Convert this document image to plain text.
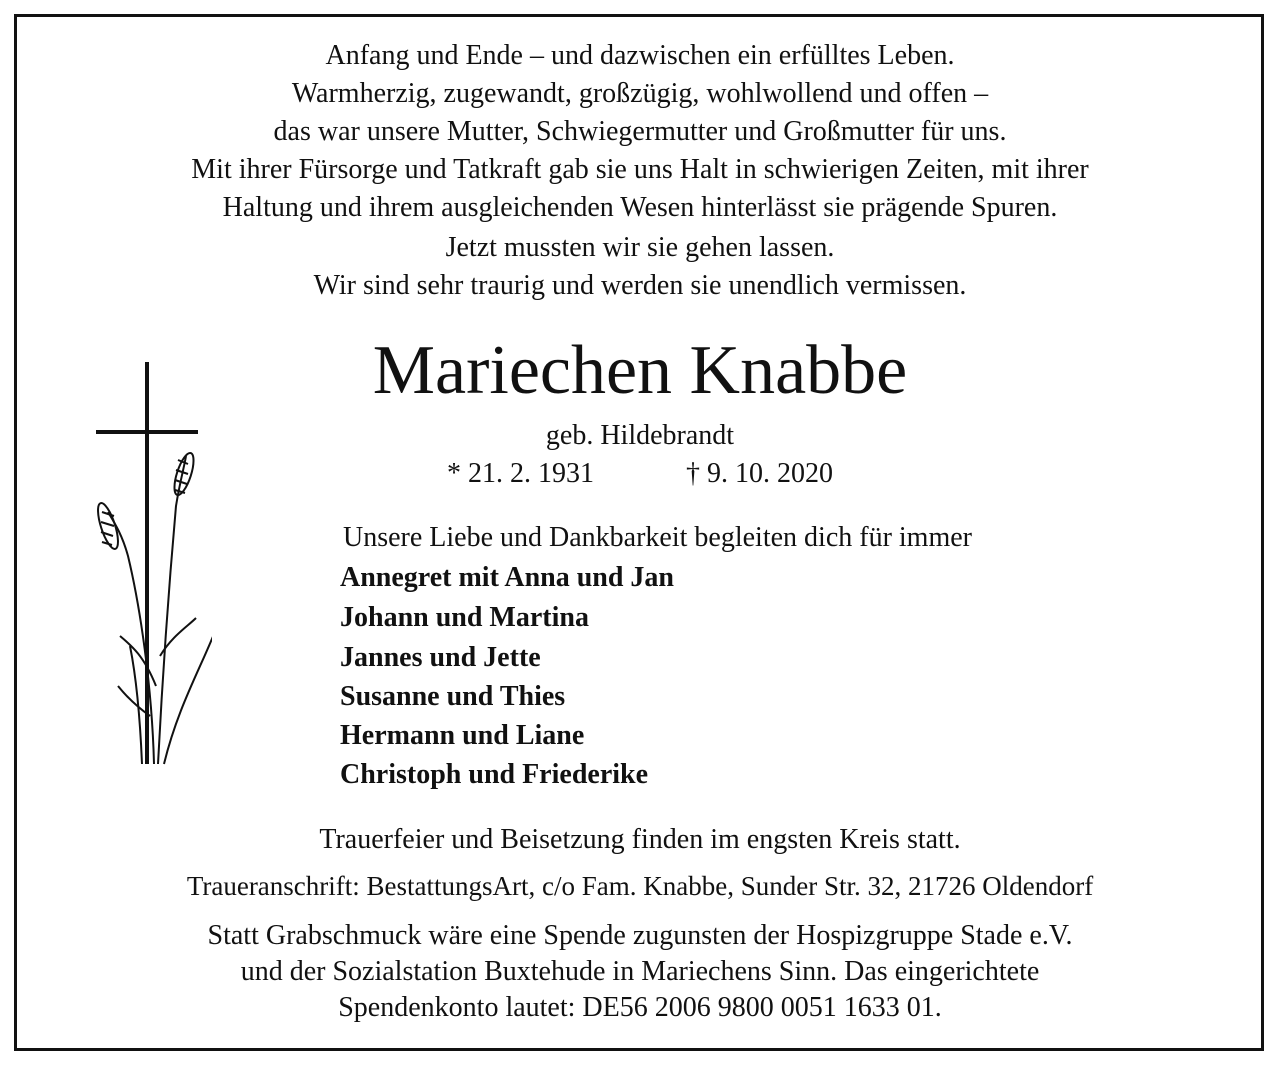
Anfang und Ende – und dazwischen ein erfülltes Leben.
Warmherzig, zugewandt, großzügig, wohlwollend und offen –
das war unsere Mutter, Schwiegermutter und Großmutter für uns.
Mit ihrer Fürsorge und Tatkraft gab sie uns Halt in schwierigen Zeiten, mit ihrer
Haltung und ihrem ausgleichenden Wesen hinterlässt sie prägende Spuren.
Jetzt mussten wir sie gehen lassen.
Wir sind sehr traurig und werden sie unendlich vermissen.
Mariechen Knabbe
geb. Hildebrandt
* 21. 2. 1931	† 9. 10. 2020
Unsere Liebe und Dankbarkeit begleiten dich für immer
Annegret mit Anna und Jan
Johann und Martina
Jannes und Jette
Susanne und Thies
Hermann und Liane
Christoph und Friederike
Trauerfeier und Beisetzung finden im engsten Kreis statt.
Traueranschrift: BestattungsArt, c/o Fam. Knabbe, Sunder Str. 32, 21726 Oldendorf
Statt Grabschmuck wäre eine Spende zugunsten der Hospizgruppe Stade e.V.
und der Sozialstation Buxtehude in Mariechens Sinn. Das eingerichtete
Spendenkonto lautet: DE56 2006 9800 0051 1633 01.
